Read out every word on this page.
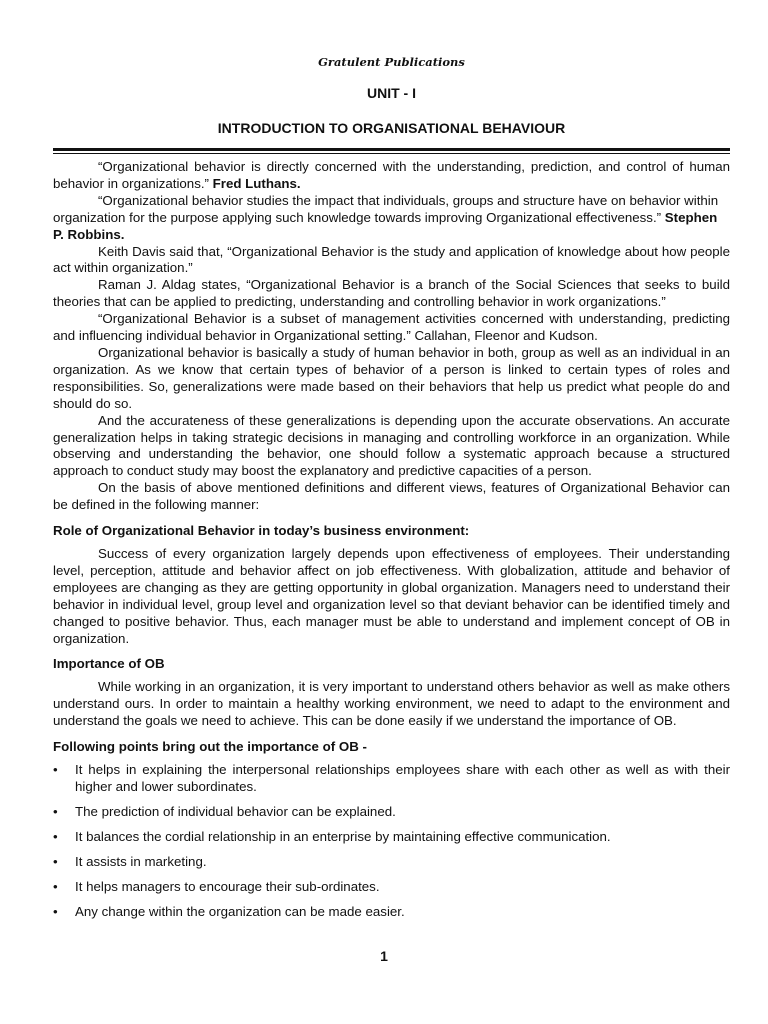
Gratulent Publications
UNIT - I
INTRODUCTION TO ORGANISATIONAL BEHAVIOUR

“Organizational behavior is directly concerned with the understanding, prediction, and control of human behavior in organizations.” Fred Luthans.

“Organizational behavior studies the impact that individuals, groups and structure have on behavior within organization for the purpose applying such knowledge towards improving Organizational effectiveness.” Stephen P. Robbins.

Keith Davis said that, “Organizational Behavior is the study and application of knowledge about how people act within organization.”

Raman J. Aldag states, “Organizational Behavior is a branch of the Social Sciences that seeks to build theories that can be applied to predicting, understanding and controlling behavior in work organizations.”

“Organizational Behavior is a subset of management activities concerned with understanding, predicting and influencing individual behavior in Organizational setting.” Callahan, Fleenor and Kudson.

Organizational behavior is basically a study of human behavior in both, group as well as an individual in an organization. As we know that certain types of behavior of a person is linked to certain types of roles and responsibilities. So, generalizations were made based on their behaviors that help us predict what people do and should do so.

And the accurateness of these generalizations is depending upon the accurate observations. An accurate generalization helps in taking strategic decisions in managing and controlling workforce in an organization. While observing and understanding the behavior, one should follow a systematic approach because a structured approach to conduct study may boost the explanatory and predictive capacities of a person.

On the basis of above mentioned definitions and different views, features of Organizational Behavior can be defined in the following manner:

Role of Organizational Behavior in today’s business environment:

Success of every organization largely depends upon effectiveness of employees. Their understanding level, perception, attitude and behavior affect on job effectiveness. With globalization, attitude and behavior of employees are changing as they are getting opportunity in global organization. Managers need to understand their behavior in individual level, group level and organization level so that deviant behavior can be identified timely and changed to positive behavior. Thus, each manager must be able to understand and implement concept of OB in organization.

Importance of OB

While working in an organization, it is very important to understand others behavior as well as make others understand ours. In order to maintain a healthy working environment, we need to adapt to the environment and understand the goals we need to achieve. This can be done easily if we understand the importance of OB.

Following points bring out the importance of OB -
• It helps in explaining the interpersonal relationships employees share with each other as well as with their higher and lower subordinates.
• The prediction of individual behavior can be explained.
• It balances the cordial relationship in an enterprise by maintaining effective communication.
• It assists in marketing.
• It helps managers to encourage their sub-ordinates.
• Any change within the organization can be made easier.
1
